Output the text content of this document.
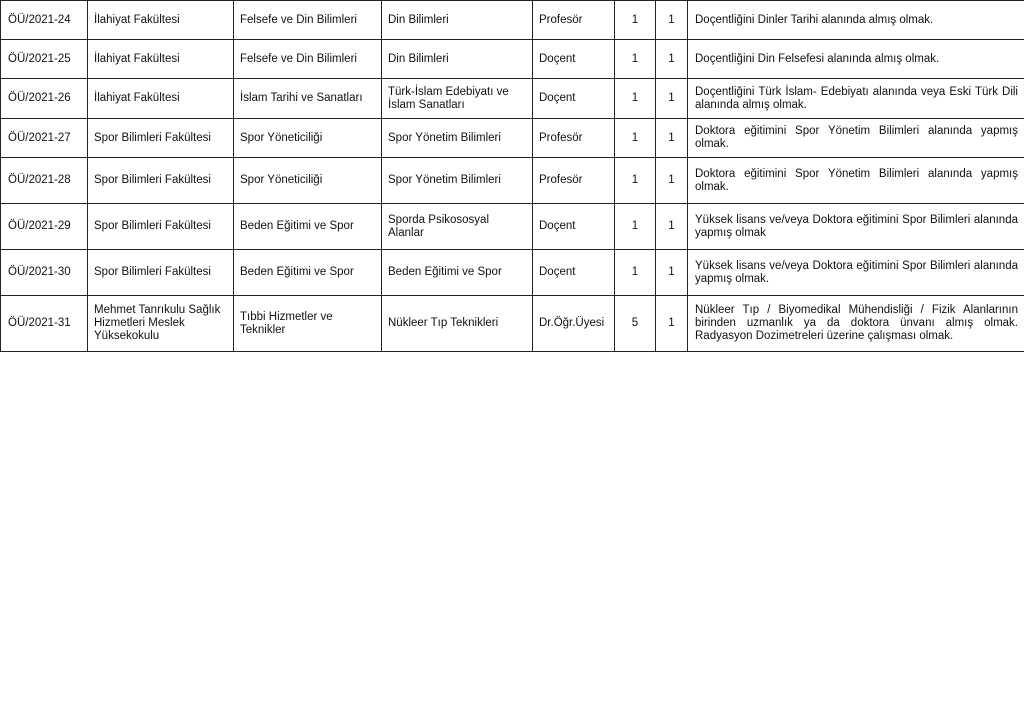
ÖÜ/2021-24	İlahiyat Fakültesi	Felsefe ve Din Bilimleri	Din Bilimleri	Profesör	1	1	Doçentliğini Dinler Tarihi alanında almış olmak.
ÖÜ/2021-25	İlahiyat Fakültesi	Felsefe ve Din Bilimleri	Din Bilimleri	Doçent	1	1	Doçentliğini Din Felsefesi alanında almış olmak.
ÖÜ/2021-26	İlahiyat Fakültesi	İslam Tarihi ve Sanatları	Türk-İslam Edebiyatı ve İslam Sanatları	Doçent	1	1	Doçentliğini Türk İslam- Edebiyatı alanında veya Eski Türk Dili alanında almış olmak.
ÖÜ/2021-27	Spor Bilimleri Fakültesi	Spor Yöneticiliği	Spor Yönetim Bilimleri	Profesör	1	1	Doktora eğitimini Spor Yönetim Bilimleri alanında yapmış olmak.
ÖÜ/2021-28	Spor Bilimleri Fakültesi	Spor Yöneticiliği	Spor Yönetim Bilimleri	Profesör	1	1	Doktora eğitimini Spor Yönetim Bilimleri alanında yapmış olmak.
ÖÜ/2021-29	Spor Bilimleri Fakültesi	Beden Eğitimi ve Spor	Sporda Psikososyal Alanlar	Doçent	1	1	Yüksek lisans ve/veya Doktora eğitimini Spor Bilimleri alanında yapmış olmak
ÖÜ/2021-30	Spor Bilimleri Fakültesi	Beden Eğitimi ve Spor	Beden Eğitimi ve Spor	Doçent	1	1	Yüksek lisans ve/veya Doktora eğitimini Spor Bilimleri alanında yapmış olmak.
ÖÜ/2021-31	Mehmet Tanrıkulu Sağlık Hizmetleri Meslek Yüksekokulu	Tıbbi Hizmetler ve Teknikler	Nükleer Tıp Teknikleri	Dr.Öğr.Üyesi	5	1	Nükleer Tıp / Biyomedikal Mühendisliği / Fizik Alanlarının birinden uzmanlık ya da doktora ünvanı almış olmak. Radyasyon Dozimetreleri üzerine çalışması olmak.
